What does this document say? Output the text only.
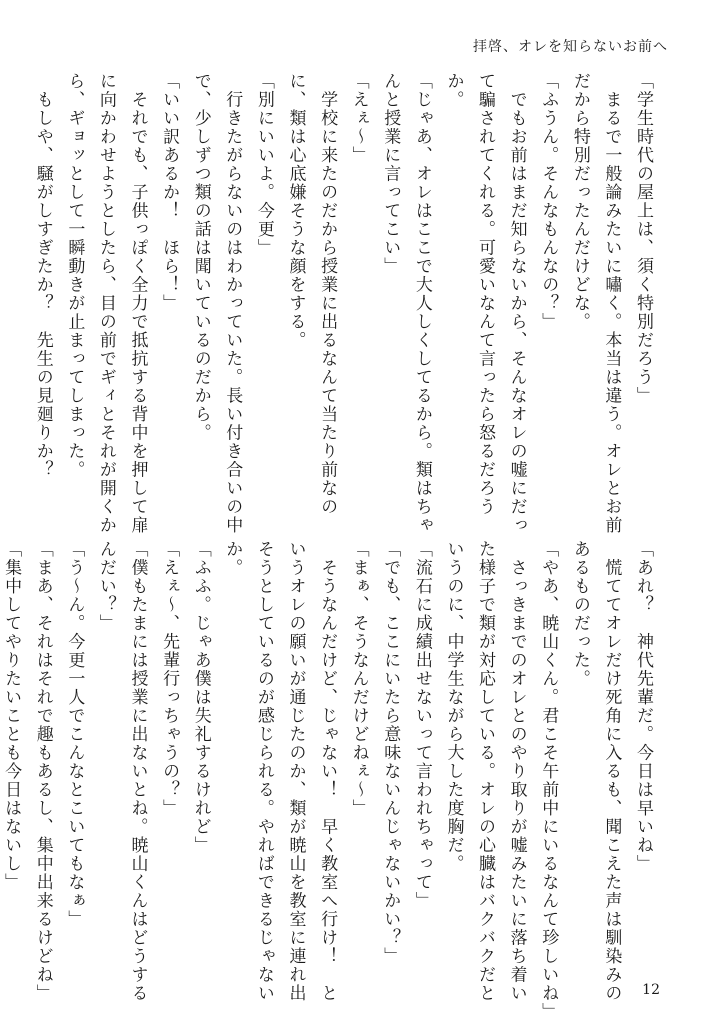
拝啓、オレを知らないお前へ
「学生時代の屋上は、須く特別だろう」
　まるで一般論みたいに嘯く。本当は違う。オレとお前
だから特別だったんだけどな。
「ふうん。そんなもんなの？」
　でもお前はまだ知らないから、そんなオレの嘘にだっ
て騙されてくれる。可愛いなんて言ったら怒るだろう
か。
「じゃあ、オレはここで大人しくしてるから。類はちゃ
んと授業に言ってこい」
「えぇ〜」
　学校に来たのだから授業に出るなんて当たり前なの
に、類は心底嫌そうな顔をする。
「別にいいよ。今更」
　行きたがらないのはわかっていた。長い付き合いの中
で、少しずつ類の話は聞いているのだから。
「いい訳あるか！　ほら！」
　それでも、子供っぽく全力で抵抗する背中を押して扉
に向かわせようとしたら、目の前でギィとそれが開くか
ら、ギョッとして一瞬動きが止まってしまった。
　もしや、騒がしすぎたか？　先生の見廻りか？
「あれ？　神代先輩だ。今日は早いね」
　慌ててオレだけ死角に入るも、聞こえた声は馴染みの
あるものだった。
「やあ、暁山くん。君こそ午前中にいるなんて珍しいね」
　さっきまでのオレとのやり取りが嘘みたいに落ち着い
た様子で類が対応している。オレの心臓はバクバクだと
いうのに、中学生ながら大した度胸だ。
「流石に成績出せないって言われちゃって」
「でも、ここにいたら意味ないんじゃないかい？」
「まぁ、そうなんだけどねぇ〜」
　そうなんだけど、じゃない！　早く教室へ行け！　と
いうオレの願いが通じたのか、類が暁山を教室に連れ出
そうとしているのが感じられる。やればできるじゃない
か。
「ふふ。じゃあ僕は失礼するけれど」
「えぇ〜、先輩行っちゃうの？」
「僕もたまには授業に出ないとね。暁山くんはどうする
んだい？」
「う〜ん。今更一人でこんなとこいてもなぁ」
「まあ、それはそれで趣もあるし、集中出来るけどね」
「集中してやりたいことも今日はないし」
12
